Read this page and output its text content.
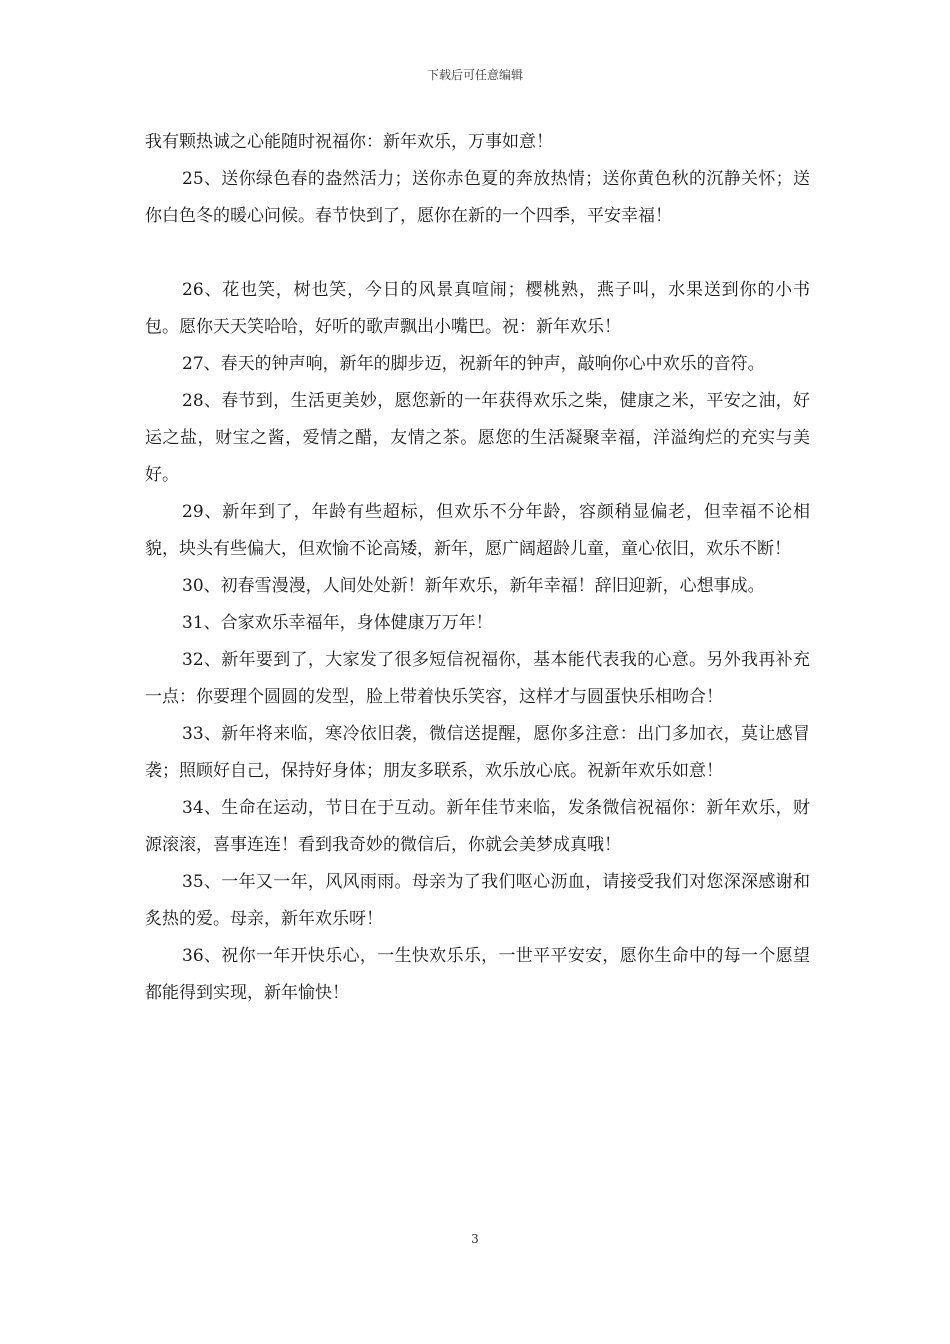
下载后可任意编辑

我有颗热诚之心能随时祝福你：新年欢乐，万事如意！

25、送你绿色春的盎然活力；送你赤色夏的奔放热情；送你黄色秋的沉静关怀；送你白色冬的暖心问候。春节快到了，愿你在新的一个四季，平安幸福！

26、花也笑，树也笑，今日的风景真喧闹；樱桃熟，燕子叫，水果送到你的小书包。愿你天天笑哈哈，好听的歌声飘出小嘴巴。祝：新年欢乐！

27、春天的钟声响，新年的脚步迈，祝新年的钟声，敲响你心中欢乐的音符。

28、春节到，生活更美妙，愿您新的一年获得欢乐之柴，健康之米，平安之油，好运之盐，财宝之酱，爱情之醋，友情之茶。愿您的生活凝聚幸福，洋溢绚烂的充实与美好。

29、新年到了，年龄有些超标，但欢乐不分年龄，容颜稍显偏老，但幸福不论相貌，块头有些偏大，但欢愉不论高矮，新年，愿广阔超龄儿童，童心依旧，欢乐不断！

30、初春雪漫漫，人间处处新！新年欢乐，新年幸福！辞旧迎新，心想事成。

31、合家欢乐幸福年，身体健康万万年！

32、新年要到了，大家发了很多短信祝福你，基本能代表我的心意。另外我再补充一点：你要理个圆圆的发型，脸上带着快乐笑容，这样才与圆蛋快乐相吻合！

33、新年将来临，寒冷依旧袭，微信送提醒，愿你多注意：出门多加衣，莫让感冒袭；照顾好自己，保持好身体；朋友多联系，欢乐放心底。祝新年欢乐如意！

34、生命在运动，节日在于互动。新年佳节来临，发条微信祝福你：新年欢乐，财源滚滚，喜事连连！看到我奇妙的微信后，你就会美梦成真哦！

35、一年又一年，风风雨雨。母亲为了我们呕心沥血，请接受我们对您深深感谢和炙热的爱。母亲，新年欢乐呀！

36、祝你一年开快乐心，一生快欢乐乐，一世平平安安，愿你生命中的每一个愿望都能得到实现，新年愉快！

3
